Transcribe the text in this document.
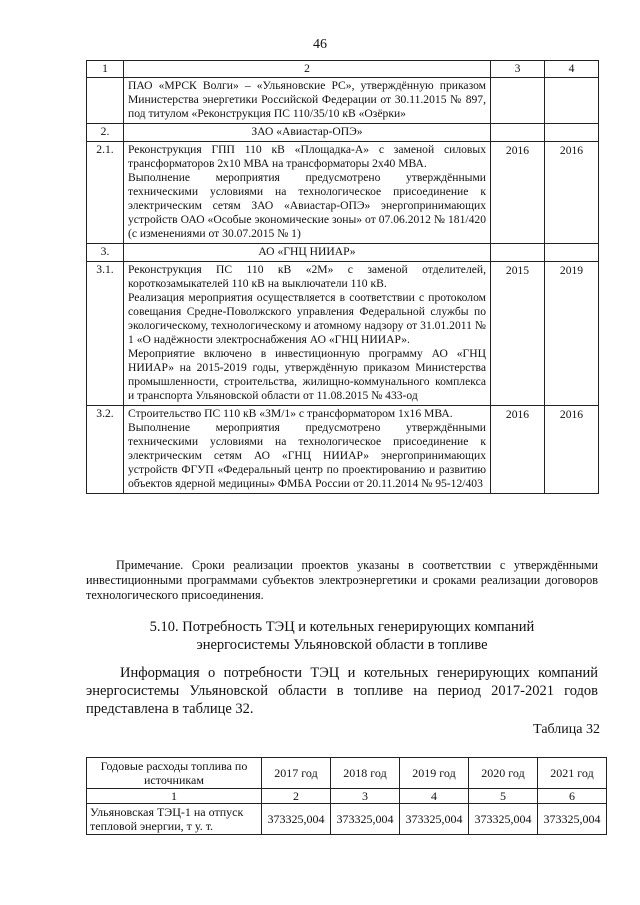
46
1	2	3	4

	ПАО «МРСК Волги» – «Ульяновские РС», утверждённую приказом Министерства энергетики Российской Федерации от 30.11.2015 № 897, под титулом «Реконструкция ПС 110/35/10 кВ «Озёрки»		

2.	ЗАО «Авиастар-ОПЭ»		
2.1.	Реконструкция ГПП 110 кВ «Площадка-А» с заменой силовых трансформаторов 2х10 МВА на трансформаторы 2х40 МВА.

Выполнение мероприятия предусмотрено утверждёнными техническими условиями на технологическое присоединение к электрическим сетям ЗАО «Авиастар-ОПЭ» энергопринимающих устройств ОАО «Особые экономические зоны» от 07.06.2012 № 181/420 (с изменениями от 30.07.2015 № 1)	2016	2016
3.	АО «ГНЦ НИИАР»		
3.1.	Реконструкция ПС 110 кВ «2М» с заменой отделителей, короткозамыкателей 110 кВ на выключатели 110 кВ.

Реализация мероприятия осуществляется в соответствии с протоколом совещания Средне-Поволжского управления Федеральной службы по экологическому, технологическому и атомному надзору от 31.01.2011 № 1 «О надёжности электроснабжения АО «ГНЦ НИИАР».

Мероприятие включено в инвестиционную программу АО «ГНЦ НИИАР» на 2015-2019 годы, утверждённую приказом Министерства промышленности, строительства, жилищно-коммунального комплекса и транспорта Ульяновской области от 11.08.2015 № 433-од	2015	2019
3.2.	Строительство ПС 110 кВ «ЗМ/1» с трансформатором 1х16 МВА.

Выполнение мероприятия предусмотрено утверждёнными техническими условиями на технологическое присоединение к электрическим сетям АО «ГНЦ НИИАР» энергопринимающих устройств ФГУП «Федеральный центр по проектированию и развитию объектов ядерной медицины» ФМБА России от 20.11.2014 № 95-12/403	2016	2016
Примечание. Сроки реализации проектов указаны в соответствии с утверждёнными инвестиционными программами субъектов электроэнергетики и сроками реализации договоров технологического присоединения.
5.10. Потребность ТЭЦ и котельных генерирующих компаний
энергосистемы Ульяновской области в топливе
Информация о потребности ТЭЦ и котельных генерирующих компаний энергосистемы Ульяновской области в топливе на период 2017-2021 годов представлена в таблице 32.
Таблица 32
Годовые расходы топлива по источникам	2017 год	2018 год	2019 год	2020 год	2021 год
1	2	3	4	5	6
Ульяновская ТЭЦ-1 на отпуск тепловой энергии, т у. т.	373325,004	373325,004	373325,004	373325,004	373325,004
